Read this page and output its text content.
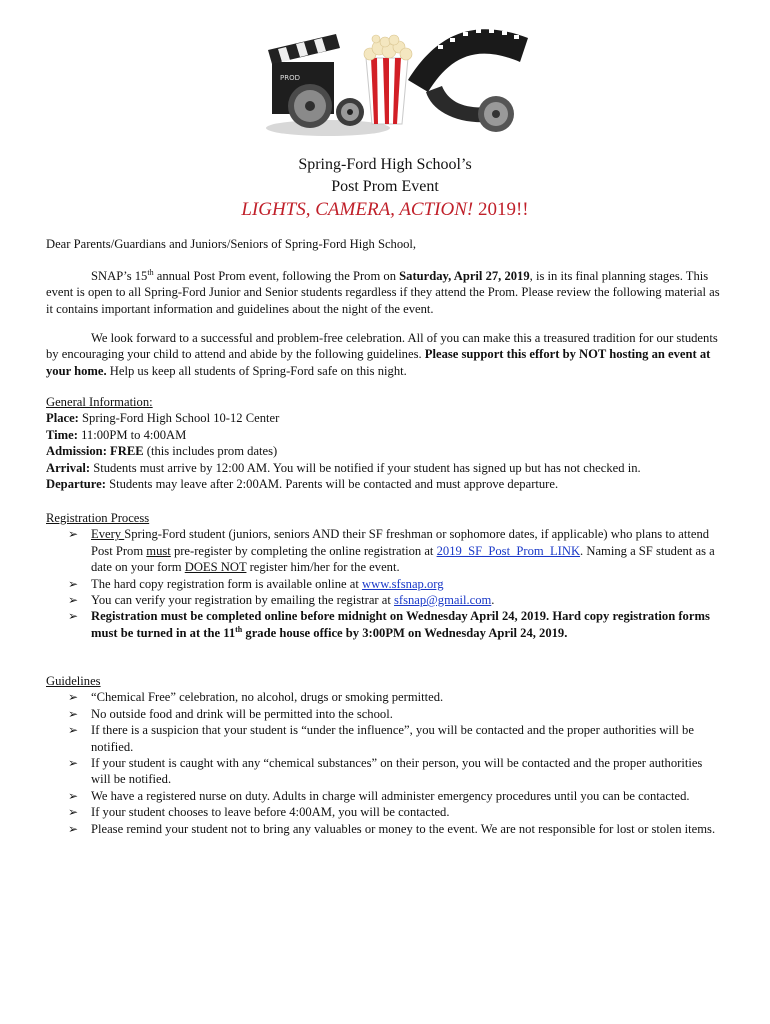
PROD
Spring-Ford High School’s
Post Prom Event
LIGHTS, CAMERA, ACTION! 2019!!

Dear Parents/Guardians and Juniors/Seniors of Spring-Ford High School,

SNAP’s 15th annual Post Prom event, following the Prom on Saturday, April 27, 2019, is in its final planning stages. This event is open to all Spring-Ford Junior and Senior students regardless if they attend the Prom. Please review the following material as it contains important information and guidelines about the night of the event.

We look forward to a successful and problem-free celebration. All of you can make this a treasured tradition for our students by encouraging your child to attend and abide by the following guidelines. Please support this effort by NOT hosting an event at your home. Help us keep all students of Spring-Ford safe on this night.

General Information:
Place: Spring-Ford High School 10-12 Center
Time: 11:00PM to 4:00AM
Admission: FREE (this includes prom dates)
Arrival: Students must arrive by 12:00 AM. You will be notified if your student has signed up but has not checked in.
Departure: Students may leave after 2:00AM. Parents will be contacted and must approve departure.
Registration Process
➢ Every Spring-Ford student (juniors, seniors AND their SF freshman or sophomore dates, if applicable) who plans to attend Post Prom must pre-register by completing the online registration at 2019_SF_Post_Prom_LINK. Naming a SF student as a date on your form DOES NOT register him/her for the event.
➢ The hard copy registration form is available online at www.sfsnap.org
➢ You can verify your registration by emailing the registrar at sfsnap@gmail.com.
➢ Registration must be completed online before midnight on Wednesday April 24, 2019. Hard copy registration forms must be turned in at the 11th grade house office by 3:00PM on Wednesday April 24, 2019.
Guidelines
➢ “Chemical Free” celebration, no alcohol, drugs or smoking permitted.
➢ No outside food and drink will be permitted into the school.
➢ If there is a suspicion that your student is “under the influence”, you will be contacted and the proper authorities will be notified.
➢ If your student is caught with any “chemical substances” on their person, you will be contacted and the proper authorities will be notified.
➢ We have a registered nurse on duty. Adults in charge will administer emergency procedures until you can be contacted.
➢ If your student chooses to leave before 4:00AM, you will be contacted.
➢ Please remind your student not to bring any valuables or money to the event. We are not responsible for lost or stolen items.
